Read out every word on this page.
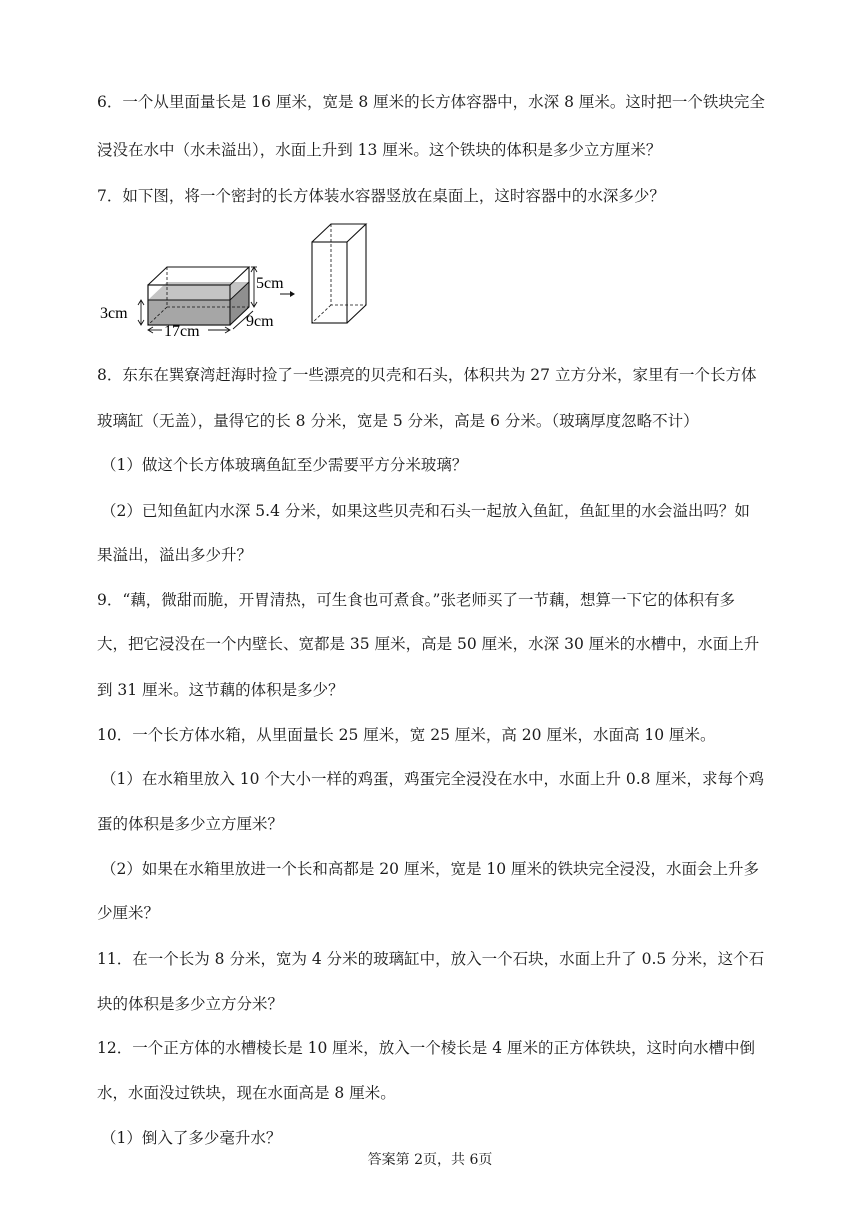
6．一个从里面量长是 16 厘米，宽是 8 厘米的长方体容器中，水深 8 厘米。这时把一个铁块完全
浸没在水中（水未溢出），水面上升到 13 厘米。这个铁块的体积是多少立方厘米？
7．如下图，将一个密封的长方体装水容器竖放在桌面上，这时容器中的水深多少？
5cm
3cm	9cm
17cm
8．东东在巽寮湾赶海时捡了一些漂亮的贝壳和石头，体积共为 27 立方分米，家里有一个长方体
玻璃缸（无盖），量得它的长 8 分米，宽是 5 分米，高是 6 分米。（玻璃厚度忽略不计）
（1）做这个长方体玻璃鱼缸至少需要平方分米玻璃？
（2）已知鱼缸内水深 5.4 分米，如果这些贝壳和石头一起放入鱼缸，鱼缸里的水会溢出吗？如
果溢出，溢出多少升？
9．“藕，微甜而脆，开胃清热，可生食也可煮食。”张老师买了一节藕，想算一下它的体积有多
大，把它浸没在一个内壁长、宽都是 35 厘米，高是 50 厘米，水深 30 厘米的水槽中，水面上升
到 31 厘米。这节藕的体积是多少？
10．一个长方体水箱，从里面量长 25 厘米，宽 25 厘米，高 20 厘米，水面高 10 厘米。
（1）在水箱里放入 10 个大小一样的鸡蛋，鸡蛋完全浸没在水中，水面上升 0.8 厘米，求每个鸡
蛋的体积是多少立方厘米？
（2）如果在水箱里放进一个长和高都是 20 厘米，宽是 10 厘米的铁块完全浸没，水面会上升多
少厘米？
11．在一个长为 8 分米，宽为 4 分米的玻璃缸中，放入一个石块，水面上升了 0.5 分米，这个石
块的体积是多少立方分米？
12．一个正方体的水槽棱长是 10 厘米，放入一个棱长是 4 厘米的正方体铁块，这时向水槽中倒
水，水面没过铁块，现在水面高是 8 厘米。
（1）倒入了多少毫升水？
答案第 2页，共 6页
